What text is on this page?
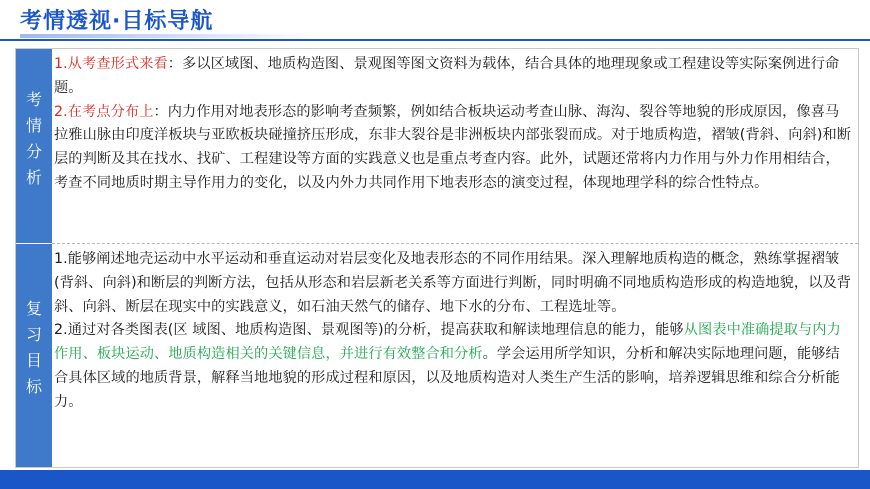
考情透视·目标导航
考
情
分
析
1.从考查形式来看：多以区域图、地质构造图、景观图等图文资料为载体，结合具体的地理现象或工程建设等实际案例进行命题。
2.在考点分布上：内力作用对地表形态的影响考查频繁，例如结合板块运动考查山脉、海沟、裂谷等地貌的形成原因，像喜马拉雅山脉由印度洋板块与亚欧板块碰撞挤压形成，东非大裂谷是非洲板块内部张裂而成。对于地质构造，褶皱(背斜、向斜)和断层的判断及其在找水、找矿、工程建设等方面的实践意义也是重点考查内容。此外，试题还常将内力作用与外力作用相结合，考查不同地质时期主导作用力的变化，以及内外力共同作用下地表形态的演变过程，体现地理学科的综合性特点。
复
习
目
标
1.能够阐述地壳运动中水平运动和垂直运动对岩层变化及地表形态的不同作用结果。深入理解地质构造的概念，熟练掌握褶皱(背斜、向斜)和断层的判断方法，包括从形态和岩层新老关系等方面进行判断，同时明确不同地质构造形成的构造地貌，以及背斜、向斜、断层在现实中的实践意义，如石油天然气的储存、地下水的分布、工程选址等。
2.通过对各类图表(区 域图、地质构造图、景观图等)的分析，提高获取和解读地理信息的能力，能够从图表中准确提取与内力作用、板块运动、地质构造相关的关键信息，并进行有效整合和分析。学会运用所学知识，分析和解决实际地理问题，能够结合具体区域的地质背景，解释当地地貌的形成过程和原因，以及地质构造对人类生产生活的影响，培养逻辑思维和综合分析能力。
